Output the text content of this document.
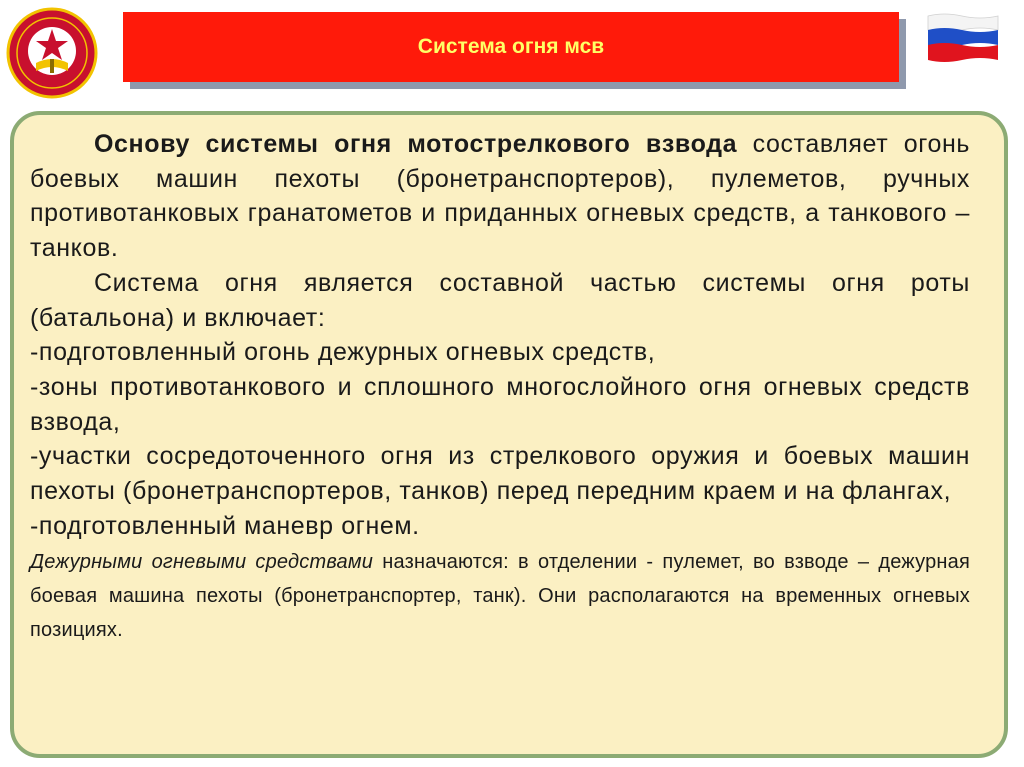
Система огня мсв

Основу системы огня мотострелкового взвода составляет огонь боевых машин пехоты (бронетранспортеров), пулеметов, ручных противотанковых гранатометов и приданных огневых средств, а танкового – танков.

Система огня является составной частью системы огня роты (батальона) и включает:

-подготовленный огонь дежурных огневых средств,

-зоны противотанкового и сплошного многослойного огня огневых средств взвода,

-участки сосредоточенного огня из стрелкового оружия и боевых машин пехоты (бронетранспортеров, танков) перед передним краем и на флангах,

-подготовленный маневр огнем.

Дежурными огневыми средствами назначаются: в отделении - пулемет, во взводе – дежурная боевая машина пехоты (бронетранспортер, танк). Они располагаются на временных огневых позициях.
